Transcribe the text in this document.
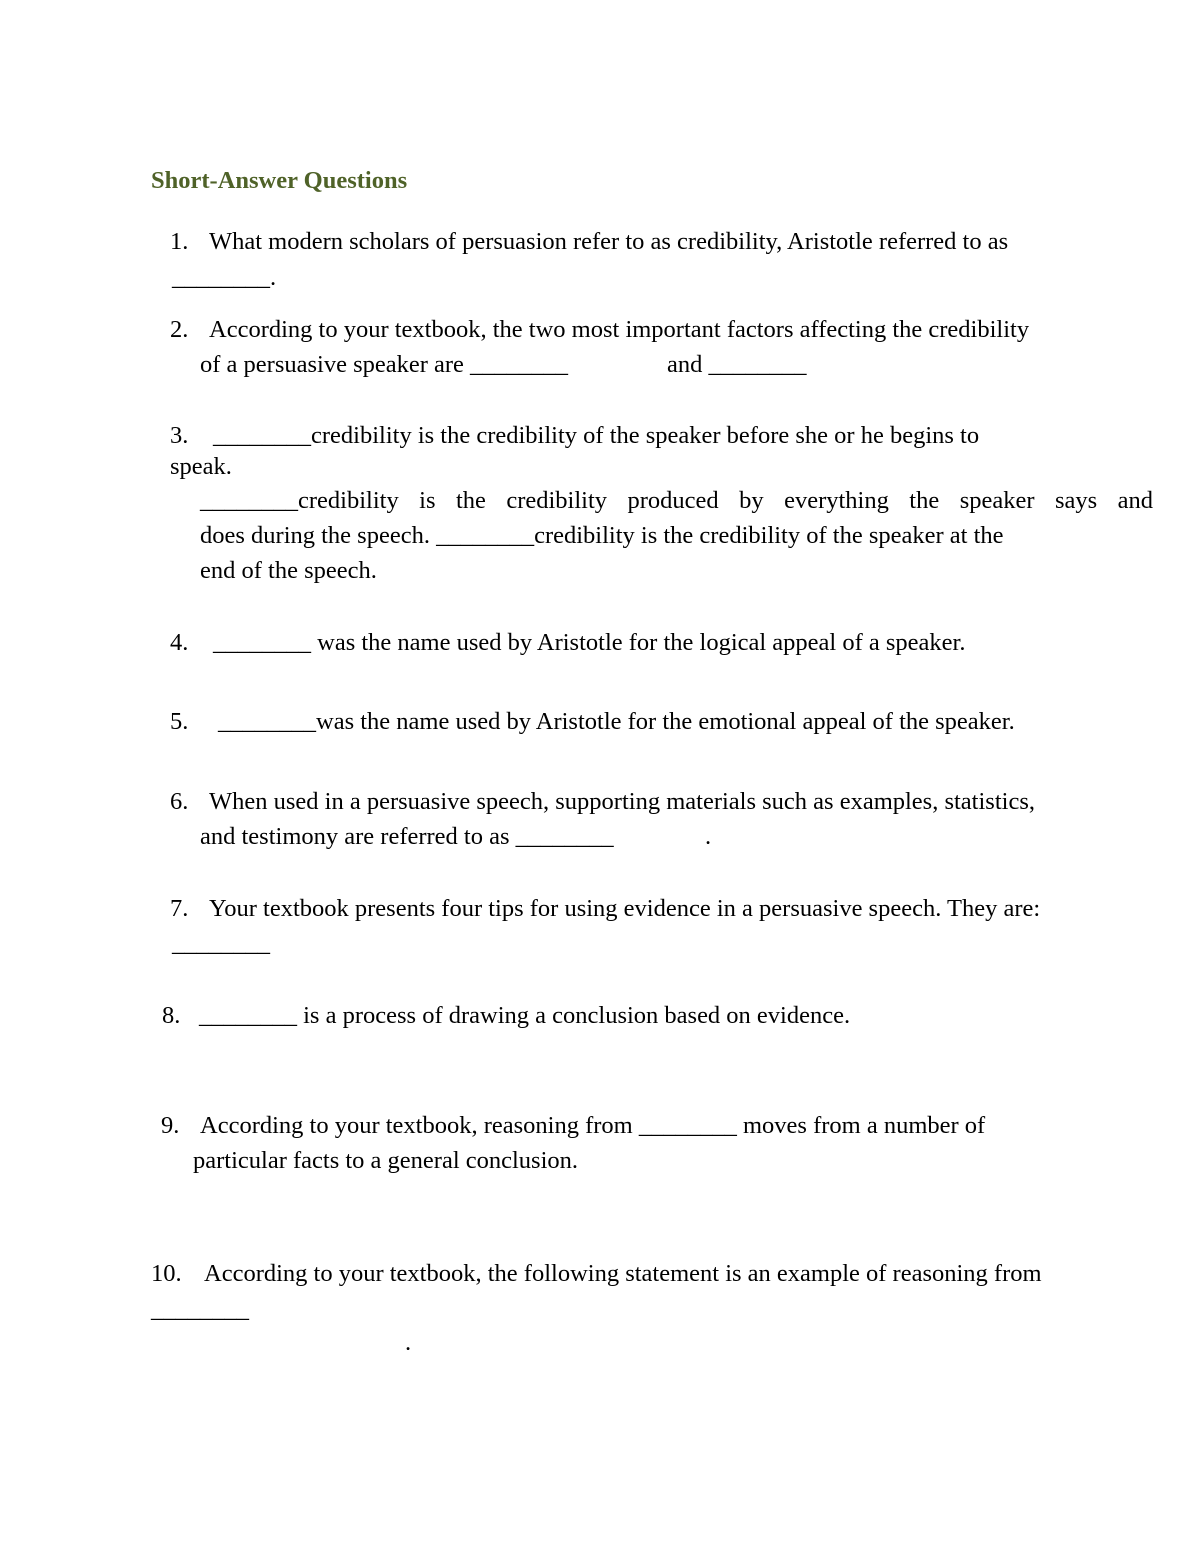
Short-Answer Questions
1. What modern scholars of persuasion refer to as credibility, Aristotle referred to as
________.
2. According to your textbook, the two most important factors affecting the credibility
of a persuasive speaker are ________	and ________
3. ________credibility is the credibility of the speaker before she or he begins to
speak.
________credibility is the credibility produced by everything the speaker says and
does during the speech. ________credibility is the credibility of the speaker at the
end of the speech.
4. ________ was the name used by Aristotle for the logical appeal of a speaker.
5. ________was the name used by Aristotle for the emotional appeal of the speaker.
6. When used in a persuasive speech, supporting materials such as examples, statistics,
and testimony are referred to as ________	.
7. Your textbook presents four tips for using evidence in a persuasive speech. They are:
________
8. ________ is a process of drawing a conclusion based on evidence.
9. According to your textbook, reasoning from ________ moves from a number of
particular facts to a general conclusion.
10. According to your textbook, the following statement is an example of reasoning from
________
.
